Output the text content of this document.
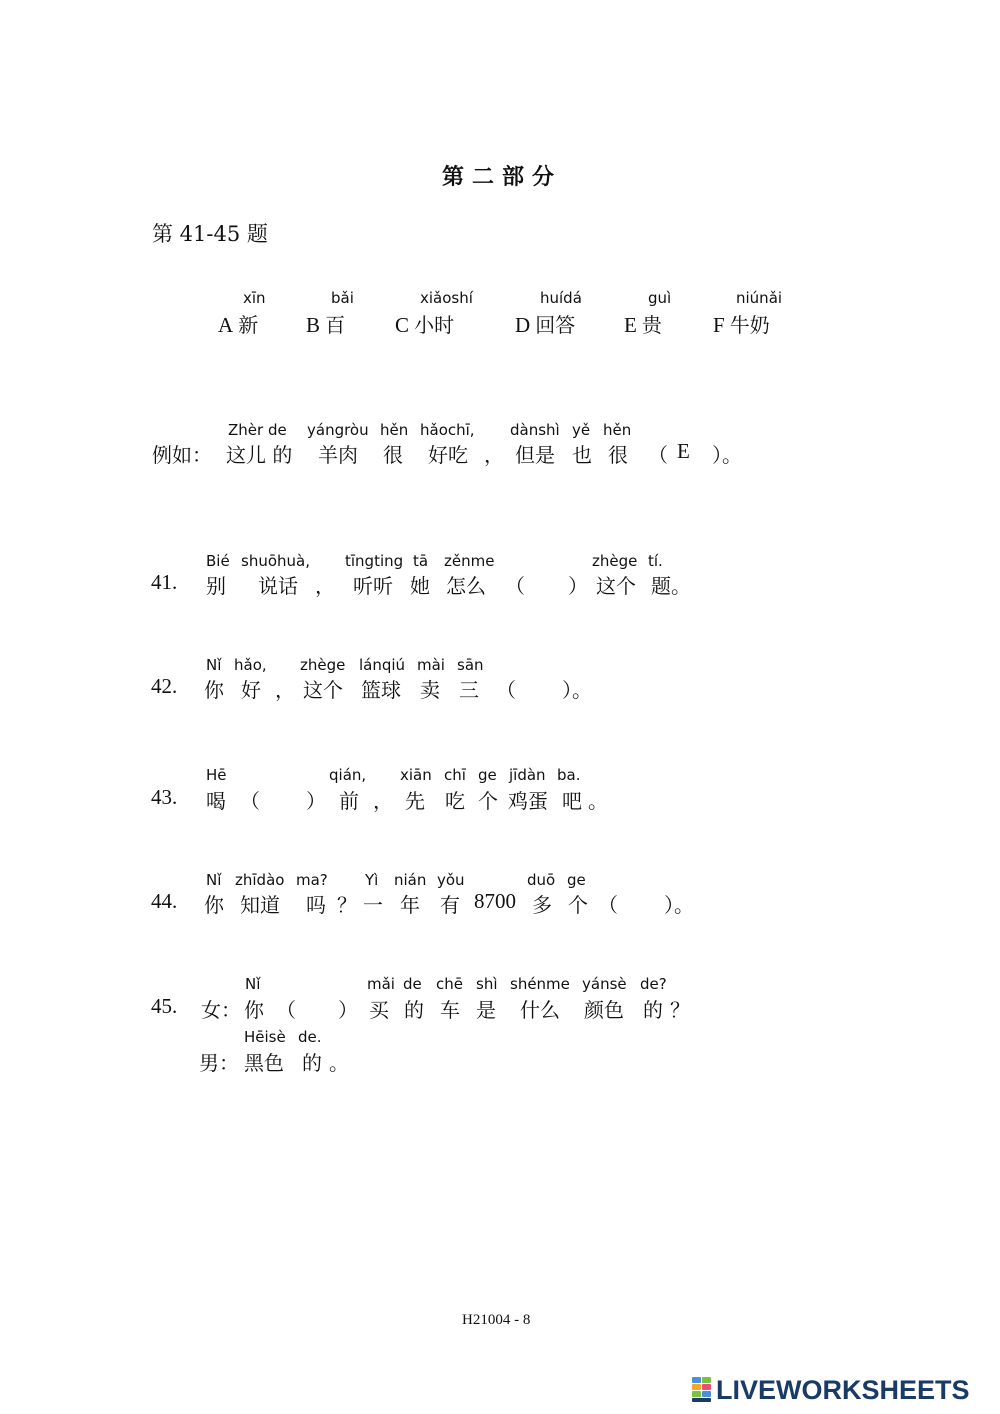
第二部分
第 41-45 题
xīn
A 新
bǎi
B 百
xiǎoshí
C 小时
huídá
D 回答
guì
E 贵
niúnǎi
F 牛奶
Zhèr de yángròu hěn hǎochī, dànshì yě hěn
例如： 这儿 的 羊肉 很 好吃 ， 但是 也 很 （ E ）。
Bié shuōhuà, tīngting tā zěnme	zhège tí.
41. 别 说话 ， 听听 她 怎么 （ ） 这个 题 。
Nǐ hǎo, zhège lánqiú mài sān
42. 你 好 ， 这个 篮球 卖 三 （ ）。
Hē	qián, xiān chī ge jīdàn ba.
43. 喝 （ ） 前 ， 先 吃 个 鸡蛋 吧 。
Nǐ zhīdào ma? Yì nián yǒu	duō ge
44. 你 知道 吗 ？ 一 年 有 8700 多 个 （ ）。
Nǐ	mǎi de chē shì shénme yánsè de?
45. 女： 你 （ ） 买 的 车 是 什么 颜色 的 ？
Hēisè de.
男： 黑色 的 。
H21004 - 8
LIVEWORKSHEETS
